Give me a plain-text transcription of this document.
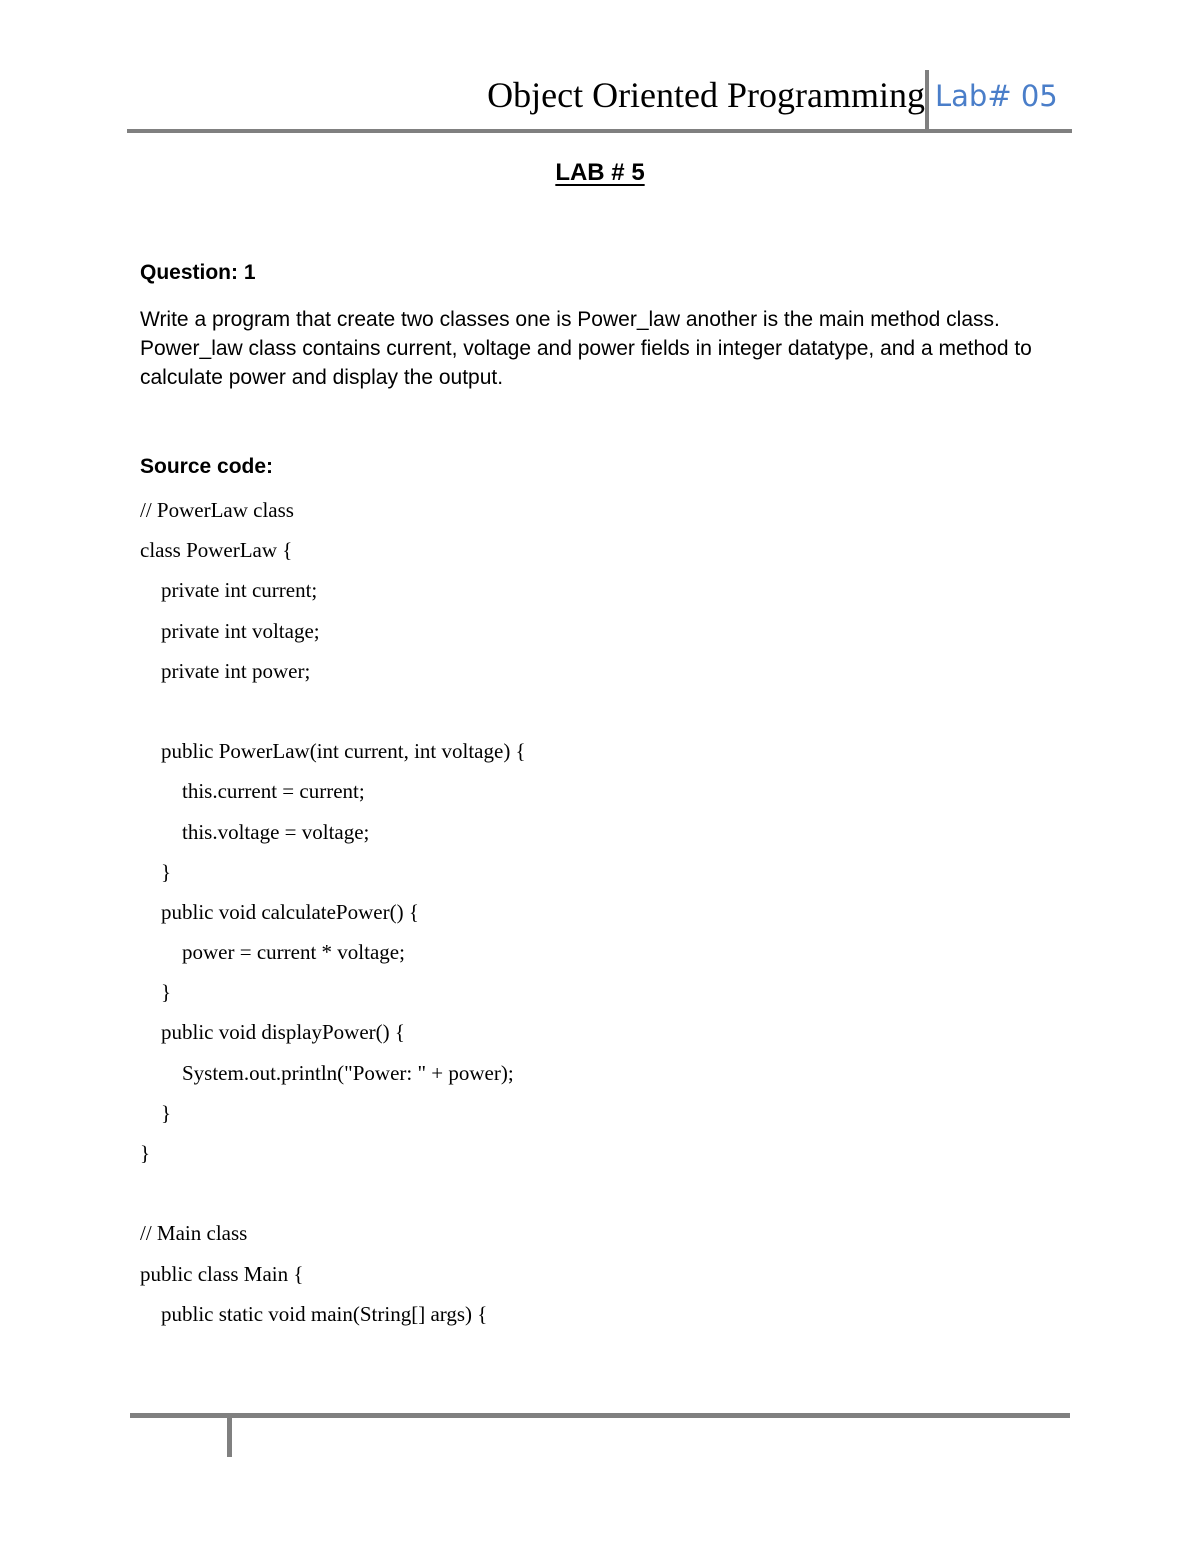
Object Oriented Programming Lab# 05
LAB # 5
Question: 1
Write a program that create two classes one is Power_law another is the main method class. Power_law class contains current, voltage and power fields in integer datatype, and a method to calculate power and display the output.
Source code:
// PowerLaw class
class PowerLaw {
private int current;
private int voltage;
private int power;
public PowerLaw(int current, int voltage) {
this.current = current;
this.voltage = voltage;
}
public void calculatePower() {
power = current * voltage;
}
public void displayPower() {
System.out.println("Power: " + power);
}
}
// Main class
public class Main {
public static void main(String[] args) {
